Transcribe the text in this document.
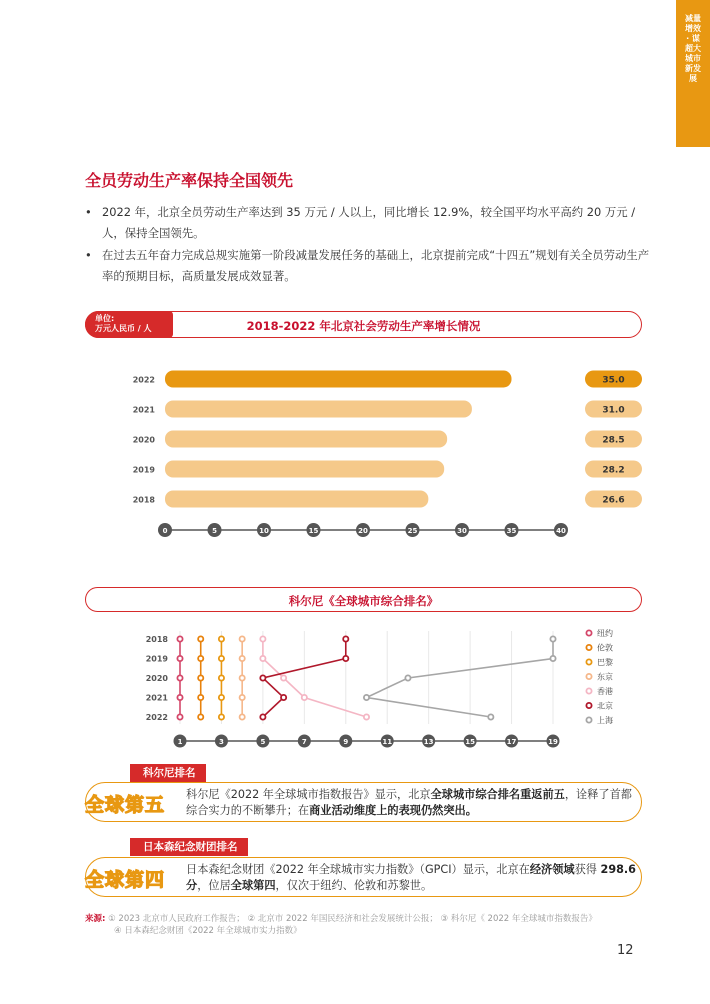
减量增效 · 谋超大城市新发展
全员劳动生产率保持全国领先
• 2022 年，北京全员劳动生产率达到 35 万元 / 人以上，同比增长 12.9%，较全国平均水平高约 20 万元 / 人，保持全国领先。
• 在过去五年奋力完成总规实施第一阶段减量发展任务的基础上，北京提前完成“十四五”规划有关全员劳动生产率的预期目标，高质量发展成效显著。
2018-2022 年北京社会劳动生产率增长情况
单位:
万元人民币 / 人
2022	35.0
2021	31.0
2020	28.5
2019	28.2
2018	26.6
0	5	10	15	20	25	30	35	40
科尔尼《全球城市综合排名》
2018
2019
2020
2021
2022
1	3	5	7	9	11	13	15	17	19
纽约
伦敦
巴黎
东京
香港
北京
上海
科尔尼排名
科尔尼《2022 年全球城市指数报告》显示，北京全球城市综合排名重返前五，诠释了首都综合实力的不断攀升；在商业活动维度上的表现仍然突出。
全球第五
日本森纪念财团排名
日本森纪念财团《2022 年全球城市实力指数》（GPCI）显示，北京在经济领域获得 298.6 分，位居全球第四，仅次于纽约、伦敦和苏黎世。
全球第四
来源: ① 2023 北京市人民政府工作报告； ② 北京市 2022 年国民经济和社会发展统计公报； ③ 科尔尼《 2022 年全球城市指数报告》
④ 日本森纪念财团《2022 年全球城市实力指数》
12
